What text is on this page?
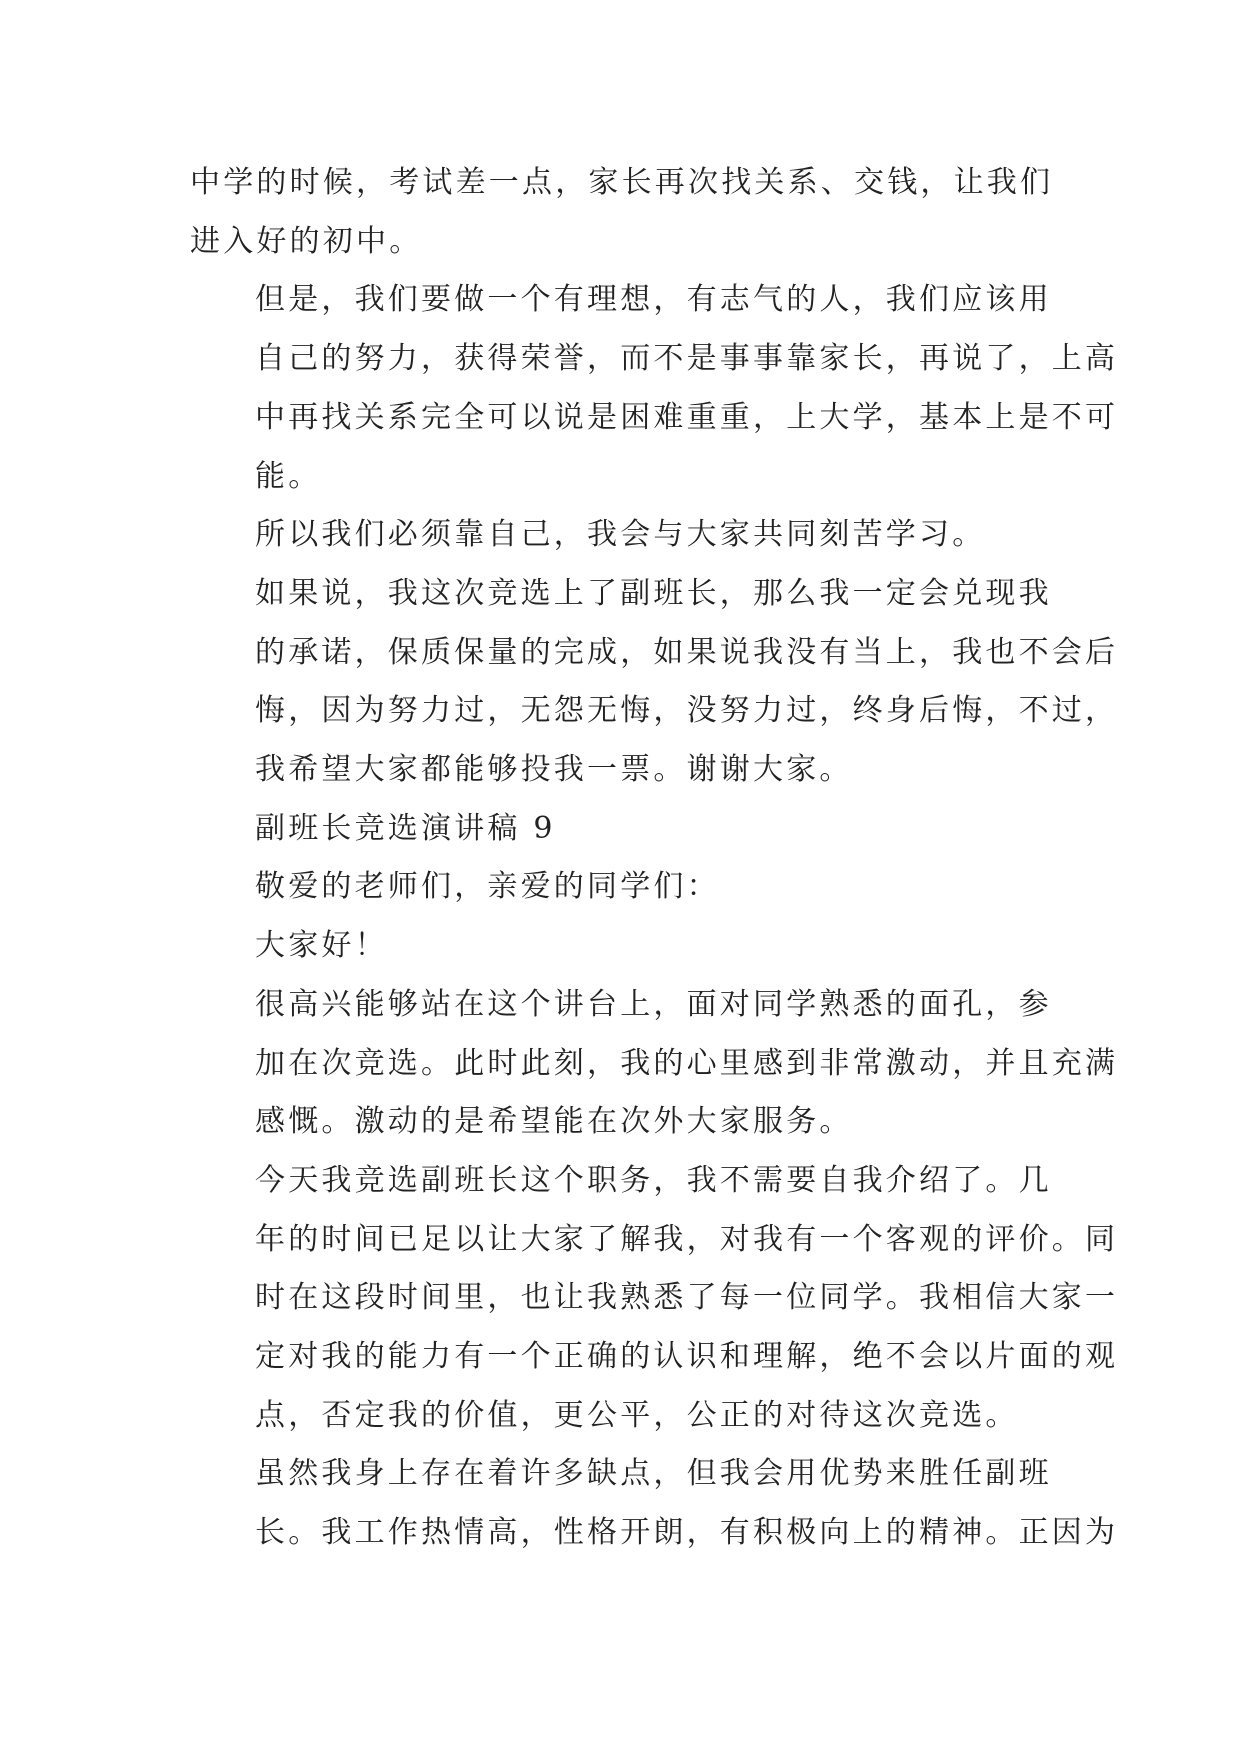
中学的时候，考试差一点，家长再次找关系、交钱，让我们
进入好的初中。

但是，我们要做一个有理想，有志气的人，我们应该用
自己的努力，获得荣誉，而不是事事靠家长，再说了，上高
中再找关系完全可以说是困难重重，上大学，基本上是不可
能。

所以我们必须靠自己，我会与大家共同刻苦学习。

如果说，我这次竞选上了副班长，那么我一定会兑现我
的承诺，保质保量的完成，如果说我没有当上，我也不会后
悔，因为努力过，无怨无悔，没努力过，终身后悔，不过，
我希望大家都能够投我一票。谢谢大家。

副班长竞选演讲稿 9

敬爱的老师们，亲爱的同学们：

大家好！

很高兴能够站在这个讲台上，面对同学熟悉的面孔，参
加在次竞选。此时此刻，我的心里感到非常激动，并且充满
感慨。激动的是希望能在次外大家服务。

今天我竞选副班长这个职务，我不需要自我介绍了。几
年的时间已足以让大家了解我，对我有一个客观的评价。同
时在这段时间里，也让我熟悉了每一位同学。我相信大家一
定对我的能力有一个正确的认识和理解，绝不会以片面的观
点，否定我的价值，更公平，公正的对待这次竞选。

虽然我身上存在着许多缺点，但我会用优势来胜任副班
长。我工作热情高，性格开朗，有积极向上的精神。正因为
